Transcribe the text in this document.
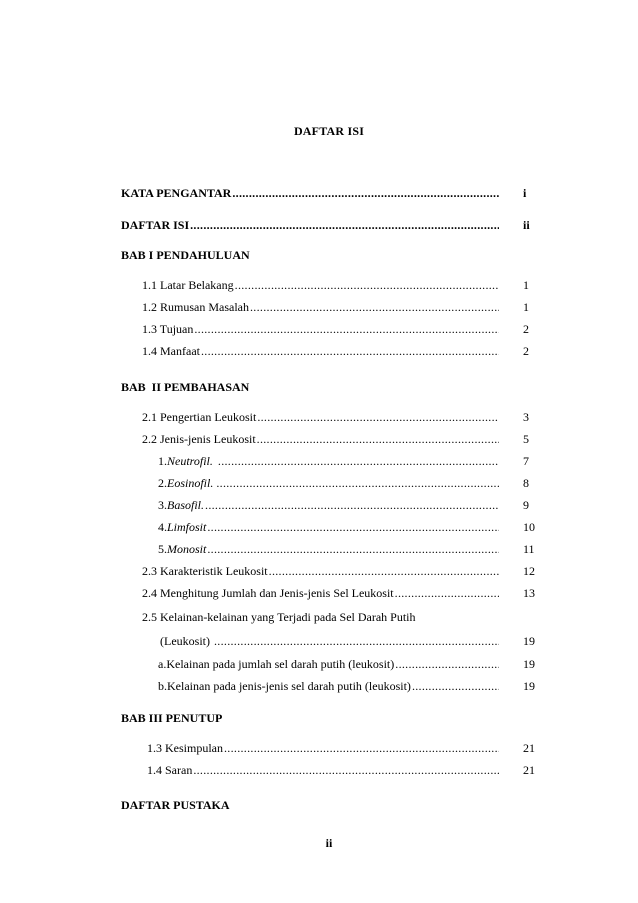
DAFTAR ISI
KATA PENGANTAR .....	i
DAFTAR ISI .....	ii
BAB I PENDAHULUAN
1.1 Latar Belakang .....	1
1.2 Rumusan Masalah .....	1
1.3 Tujuan .....	2
1.4 Manfaat .....	2
BAB  II PEMBAHASAN
2.1 Pengertian Leukosit .....	3
2.2 Jenis-jenis Leukosit .....	5
1. Neutrofil. .....	7
2. Eosinofil. .....	8
3. Basofil. .....	9
4. Limfosit .....	10
5. Monosit .....	11
2.3 Karakteristik Leukosit .....	12
2.4 Menghitung Jumlah dan Jenis-jenis Sel Leukosit .....	13
2.5 Kelainan-kelainan yang Terjadi pada Sel Darah Putih
(Leukosit) .....	19
a. Kelainan pada jumlah sel darah putih (leukosit) .....	19
b. Kelainan pada jenis-jenis sel darah putih (leukosit) .....	19
BAB III PENUTUP
1.3 Kesimpulan .....	21
1.4 Saran .....	21
DAFTAR PUSTAKA
ii
